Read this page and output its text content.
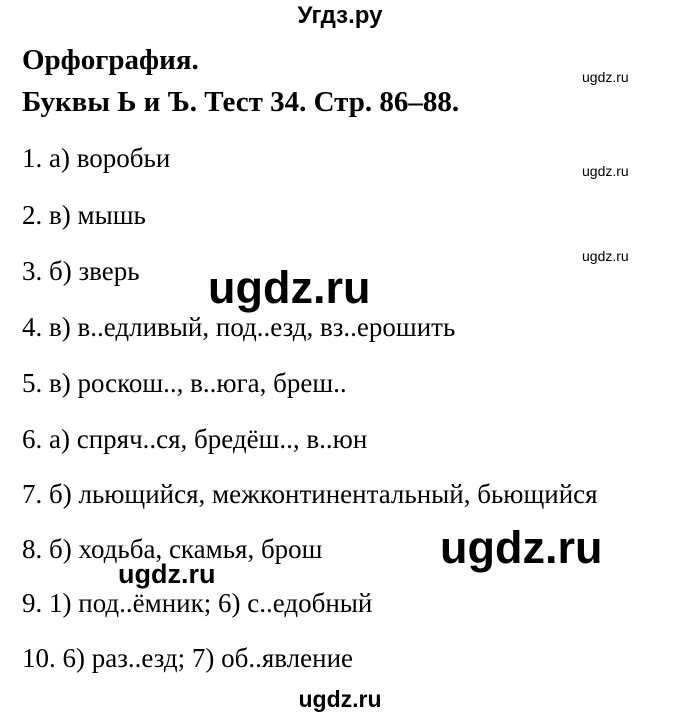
Угдз.ру
Орфография.
Буквы Ь и Ъ. Тест 34. Стр. 86–88.
ugdz.ru
ugdz.ru
ugdz.ru
1. а) воробьи
2. в) мышь
3. б) зверь ugdz.ru
4. в) в..едливый, под..езд, вз..ерошить
5. в) роскош.., в..юга, бреш..
6. а) спряч..ся, бредёш.., в..юн
7. б) льющийся, межконтинентальный, бьющийся
8. б) ходьба, скамья, брош	ugdz.ru
ugdz.ru
9. 1) под..ёмник; 6) с..едобный
10. 6) раз..езд; 7) об..явление
ugdz.ru
